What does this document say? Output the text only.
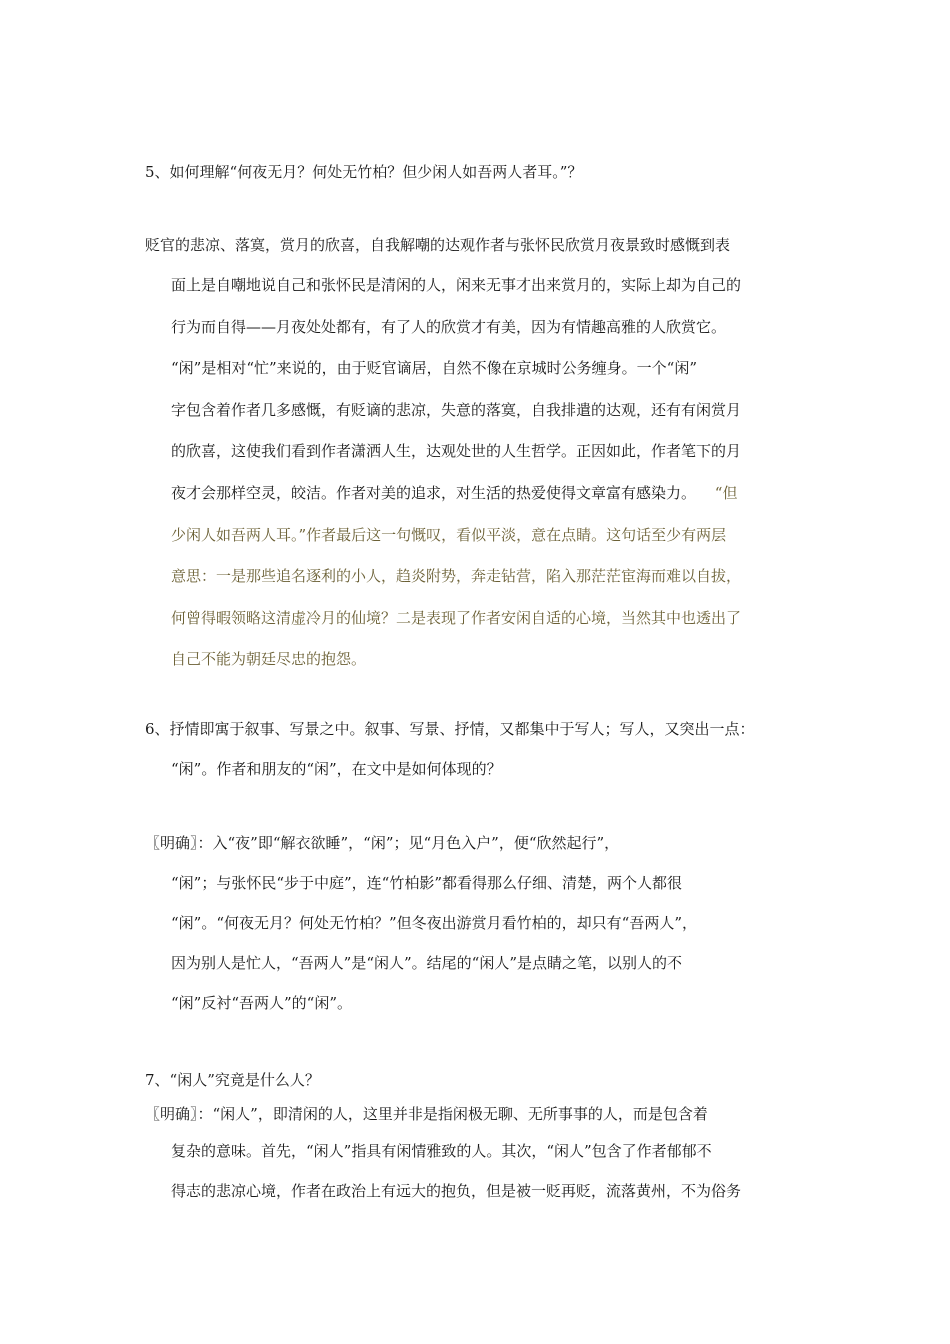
5、如何理解“何夜无月？何处无竹柏？但少闲人如吾两人者耳。”？
贬官的悲凉、落寞，赏月的欣喜，自我解嘲的达观作者与张怀民欣赏月夜景致时感慨到表
面上是自嘲地说自己和张怀民是清闲的人，闲来无事才出来赏月的，实际上却为自己的
行为而自得——月夜处处都有，有了人的欣赏才有美，因为有情趣高雅的人欣赏它。
“闲”是相对“忙”来说的，由于贬官谪居，自然不像在京城时公务缠身。一个“闲”
字包含着作者几多感慨，有贬谪的悲凉，失意的落寞，自我排遣的达观，还有有闲赏月
的欣喜，这使我们看到作者潇洒人生，达观处世的人生哲学。正因如此，作者笔下的月
夜才会那样空灵，皎洁。作者对美的追求，对生活的热爱使得文章富有感染力。 “但
少闲人如吾两人耳。”作者最后这一句慨叹，看似平淡，意在点睛。这句话至少有两层
意思：一是那些追名逐利的小人，趋炎附势，奔走钻营，陷入那茫茫宦海而难以自拔，
何曾得暇领略这清虚冷月的仙境？二是表现了作者安闲自适的心境，当然其中也透出了
自己不能为朝廷尽忠的抱怨。
6、抒情即寓于叙事、写景之中。叙事、写景、抒情，又都集中于写人；写人，又突出一点：
“闲”。作者和朋友的“闲”，在文中是如何体现的？
〖明确〗：入“夜”即“解衣欲睡”，“闲”；见“月色入户”，便“欣然起行”，
“闲”；与张怀民“步于中庭”，连“竹柏影”都看得那么仔细、清楚，两个人都很
“闲”。“何夜无月？何处无竹柏？”但冬夜出游赏月看竹柏的，却只有“吾两人”，
因为别人是忙人，“吾两人”是“闲人”。结尾的“闲人”是点睛之笔，以别人的不
“闲”反衬“吾两人”的“闲”。
7、“闲人”究竟是什么人？
〖明确〗：“闲人”，即清闲的人，这里并非是指闲极无聊、无所事事的人，而是包含着
复杂的意味。首先，“闲人”指具有闲情雅致的人。其次，“闲人”包含了作者郁郁不
得志的悲凉心境，作者在政治上有远大的抱负，但是被一贬再贬，流落黄州，不为俗务
